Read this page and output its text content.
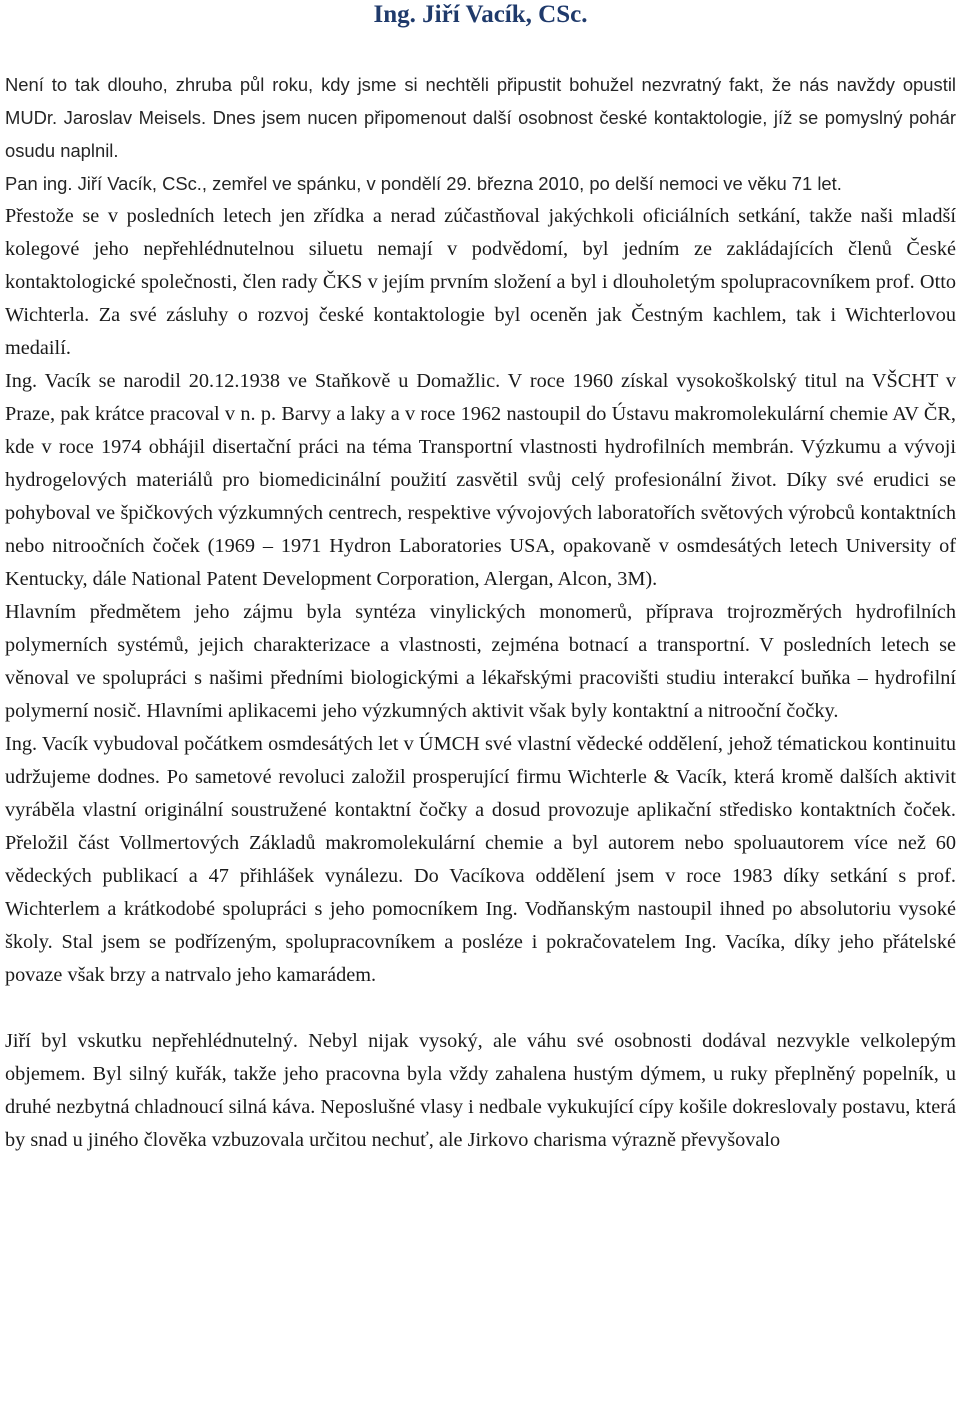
Ing. Jiří Vacík, CSc.

Není to tak dlouho, zhruba půl roku, kdy jsme si nechtěli připustit bohužel nezvratný fakt, že nás navždy opustil MUDr. Jaroslav Meisels. Dnes jsem nucen připomenout další osobnost české kontaktologie, jíž se pomyslný pohár osudu naplnil.

Pan ing. Jiří Vacík, CSc., zemřel ve spánku, v pondělí 29. března 2010, po delší nemoci ve věku 71 let.

Přestože se v posledních letech jen zřídka a nerad zúčastňoval jakýchkoli oficiálních setkání, takže naši mladší kolegové jeho nepřehlédnutelnou siluetu nemají v podvědomí, byl jedním ze zakládajících členů České kontaktologické společnosti, člen rady ČKS v jejím prvním složení a byl i dlouholetým spolupracovníkem prof. Otto Wichterla. Za své zásluhy o rozvoj české kontaktologie byl oceněn jak Čestným kachlem, tak i Wichterlovou medailí.

Ing. Vacík se narodil 20.12.1938 ve Staňkově u Domažlic. V roce 1960 získal vysokoškolský titul na VŠCHT v Praze, pak krátce pracoval v n. p. Barvy a laky a v roce 1962 nastoupil do Ústavu makromolekulární chemie AV ČR, kde v roce 1974 obhájil disertační práci na téma Transportní vlastnosti hydrofilních membrán. Výzkumu a vývoji hydrogelových materiálů pro biomedicinální použití zasvětil svůj celý profesionální život. Díky své erudici se pohyboval ve špičkových výzkumných centrech, respektive vývojových laboratořích světových výrobců kontaktních nebo nitroočních čoček (1969 – 1971 Hydron Laboratories USA, opakovaně v osmdesátých letech University of Kentucky, dále National Patent Development Corporation, Alergan, Alcon, 3M).

Hlavním předmětem jeho zájmu byla syntéza vinylických monomerů, příprava trojrozměrých hydrofilních polymerních systémů, jejich charakterizace a vlastnosti, zejména botnací a transportní. V posledních letech se věnoval ve spolupráci s našimi předními biologickými a lékařskými pracovišti studiu interakcí buňka – hydrofilní polymerní nosič. Hlavními aplikacemi jeho výzkumných aktivit však byly kontaktní a nitrooční čočky.

Ing. Vacík vybudoval počátkem osmdesátých let v ÚMCH své vlastní vědecké oddělení, jehož tématickou kontinuitu udržujeme dodnes. Po sametové revoluci založil prosperující firmu Wichterle & Vacík, která kromě dalších aktivit vyráběla vlastní originální soustružené kontaktní čočky a dosud provozuje aplikační středisko kontaktních čoček. Přeložil část Vollmertových Základů makromolekulární chemie a byl autorem nebo spoluautorem více než 60 vědeckých publikací a 47 přihlášek vynálezu. Do Vacíkova oddělení jsem v roce 1983 díky setkání s prof. Wichterlem a krátkodobé spolupráci s jeho pomocníkem Ing. Vodňanským nastoupil ihned po absolutoriu vysoké školy. Stal jsem se podřízeným, spolupracovníkem a posléze i pokračovatelem Ing. Vacíka, díky jeho přátelské povaze však brzy a natrvalo jeho kamarádem.

Jiří byl vskutku nepřehlédnutelný. Nebyl nijak vysoký, ale váhu své osobnosti dodával nezvykle velkolepým objemem. Byl silný kuřák, takže jeho pracovna byla vždy zahalena hustým dýmem, u ruky přeplněný popelník, u druhé nezbytná chladnoucí silná káva. Neposlušné vlasy i nedbale vykukující cípy košile dokreslovaly postavu, která by snad u jiného člověka vzbuzovala určitou nechuť, ale Jirkovo charisma výrazně převyšovalo
